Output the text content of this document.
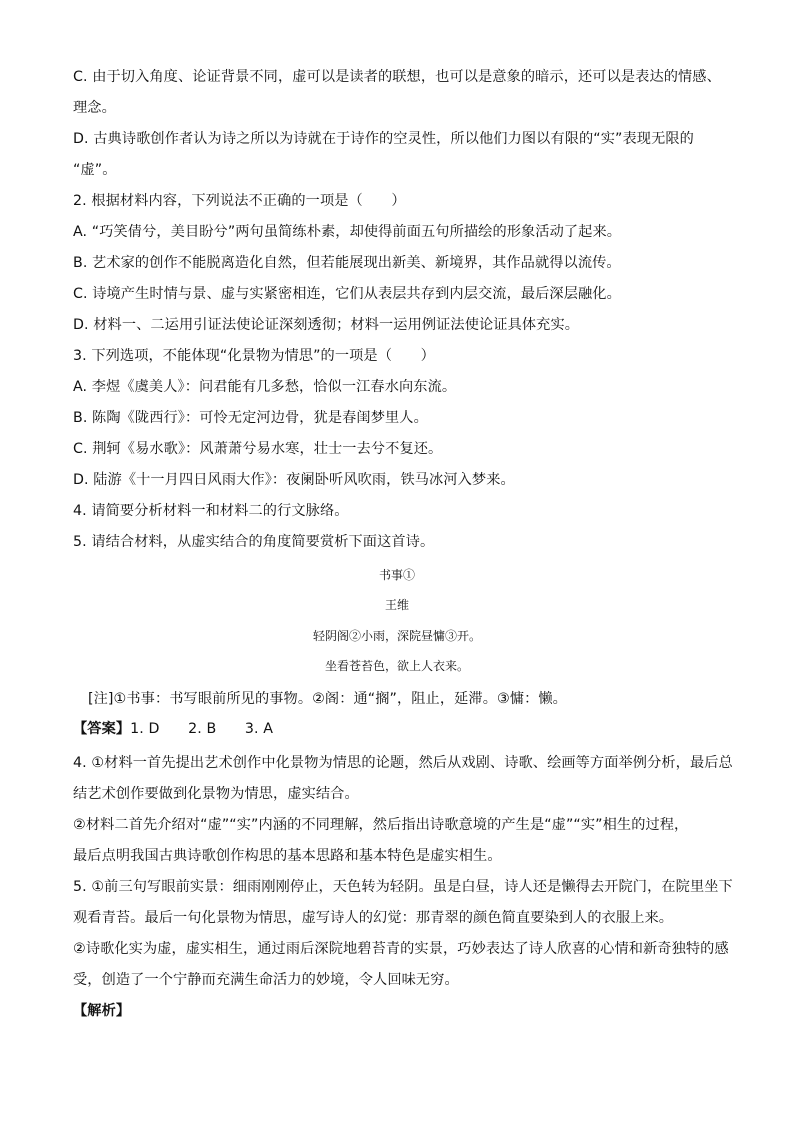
C. 由于切入角度、论证背景不同，虚可以是读者的联想，也可以是意象的暗示，还可以是表达的情感、
理念。
D. 古典诗歌创作者认为诗之所以为诗就在于诗作的空灵性，所以他们力图以有限的“实”表现无限的
“虚”。
2. 根据材料内容，下列说法不正确的一项是（　　）
A. “巧笑倩兮，美目盼兮”两句虽简练朴素，却使得前面五句所描绘的形象活动了起来。
B. 艺术家的创作不能脱离造化自然，但若能展现出新美、新境界，其作品就得以流传。
C. 诗境产生时情与景、虚与实紧密相连，它们从表层共存到内层交流，最后深层融化。
D. 材料一、二运用引证法使论证深刻透彻；材料一运用例证法使论证具体充实。
3. 下列选项，不能体现“化景物为情思”的一项是（　　）
A. 李煜《虞美人》：问君能有几多愁，恰似一江春水向东流。
B. 陈陶《陇西行》：可怜无定河边骨，犹是春闺梦里人。
C. 荆轲《易水歌》：风萧萧兮易水寒，壮士一去兮不复还。
D. 陆游《十一月四日风雨大作》：夜阑卧听风吹雨，铁马冰河入梦来。
4. 请简要分析材料一和材料二的行文脉络。
5. 请结合材料，从虚实结合的角度简要赏析下面这首诗。
书事①
王维
轻阴阁②小雨，深院昼慵③开。
坐看苍苔色，欲上人衣来。
[注]①书事：书写眼前所见的事物。②阁：通“搁”，阻止，延滞。③慵：懒。
【答案】1. D　　2. B　　3. A
4. ①材料一首先提出艺术创作中化景物为情思的论题，然后从戏剧、诗歌、绘画等方面举例分析，最后总
结艺术创作要做到化景物为情思，虚实结合。
②材料二首先介绍对“虚”“实”内涵的不同理解，然后指出诗歌意境的产生是“虚”“实”相生的过程，
最后点明我国古典诗歌创作构思的基本思路和基本特色是虚实相生。
5. ①前三句写眼前实景：细雨刚刚停止，天色转为轻阴。虽是白昼，诗人还是懒得去开院门，在院里坐下
观看青苔。最后一句化景物为情思，虚写诗人的幻觉：那青翠的颜色简直要染到人的衣服上来。
②诗歌化实为虚，虚实相生，通过雨后深院地碧苔青的实景，巧妙表达了诗人欣喜的心情和新奇独特的感
受，创造了一个宁静而充满生命活力的妙境，令人回味无穷。
【解析】
